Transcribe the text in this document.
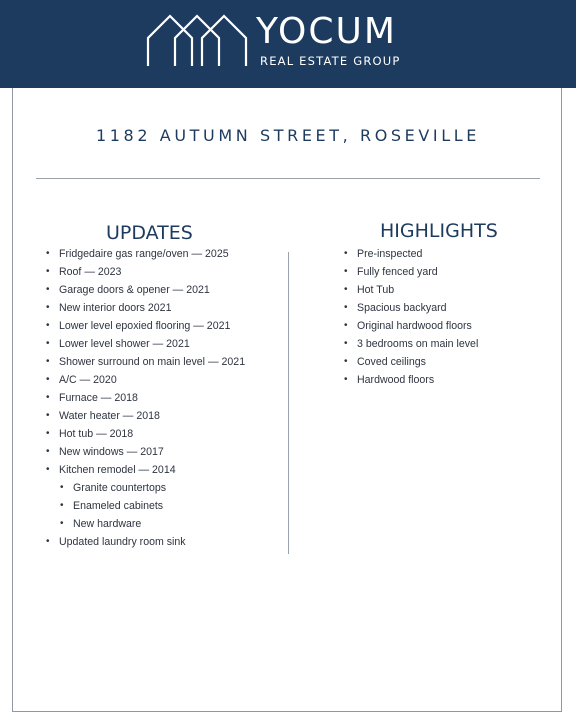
YOCUM
REAL ESTATE GROUP
1182 AUTUMN STREET, ROSEVILLE
UPDATES	HIGHLIGHTS
• Fridgedaire gas range/oven — 2025
• Roof — 2023
• Garage doors & opener — 2021
• New interior doors 2021
• Lower level epoxied flooring — 2021
• Lower level shower — 2021
• Shower surround on main level — 2021
• A/C — 2020
• Furnace — 2018
• Water heater — 2018
• Hot tub — 2018
• New windows — 2017
• Kitchen remodel — 2014
• Granite countertops
• Enameled cabinets
• New hardware
• Updated laundry room sink
• Pre-inspected
• Fully fenced yard
• Hot Tub
• Spacious backyard
• Original hardwood floors
• 3 bedrooms on main level
• Coved ceilings
• Hardwood floors
